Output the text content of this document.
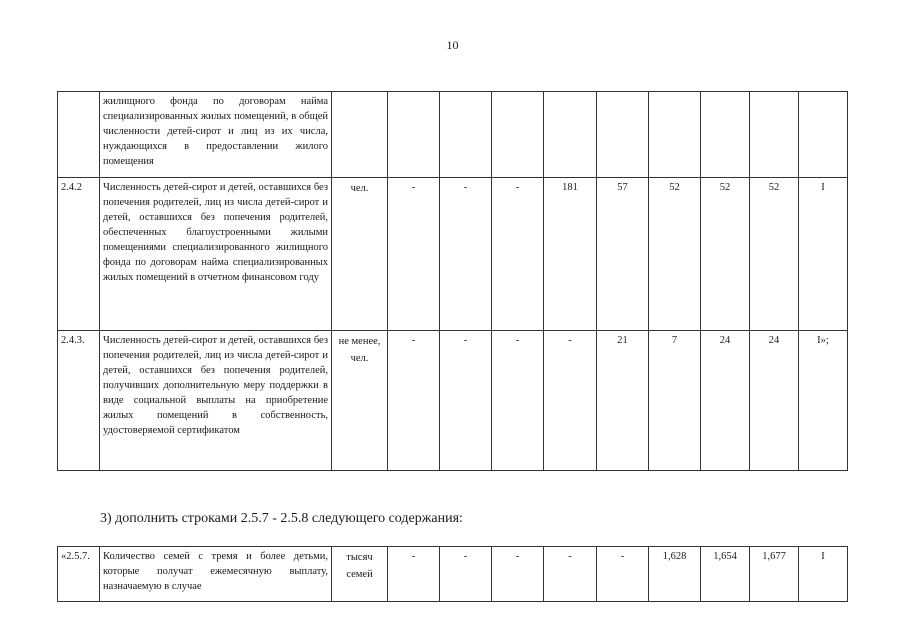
10
	жилищного фонда по договорам найма специализированных жилых помещений, в общей численности детей-сирот и лиц из их числа, нуждающихся в предоставлении жилого помещения										
2.4.2	Численность детей-сирот и детей, оставшихся без попечения родителей, лиц из числа детей-сирот и детей, оставшихся без попечения родителей, обеспеченных благоустроенными жилыми помещениями специализированного жилищного фонда по договорам найма специализированных жилых помещений в отчетном финансовом году	чел.	-	-	-	181	57	52	52	52	I
2.4.3.	Численность детей-сирот и детей, оставшихся без попечения родителей, лиц из числа детей-сирот и детей, оставшихся без попечения родителей, получивших дополнительную меру поддержки в виде социальной выплаты на приобретение жилых помещений в собственность, удостоверяемой сертификатом	не менее, чел.	-	-	-	-	21	7	24	24	I»;
3) дополнить строками 2.5.7 - 2.5.8 следующего содержания:
«2.5.7.	Количество семей с тремя и более детьми, которые получат ежемесячную выплату, назначаемую в случае	тысяч семей	-	-	-	-	-	1,628	1,654	1,677	I
